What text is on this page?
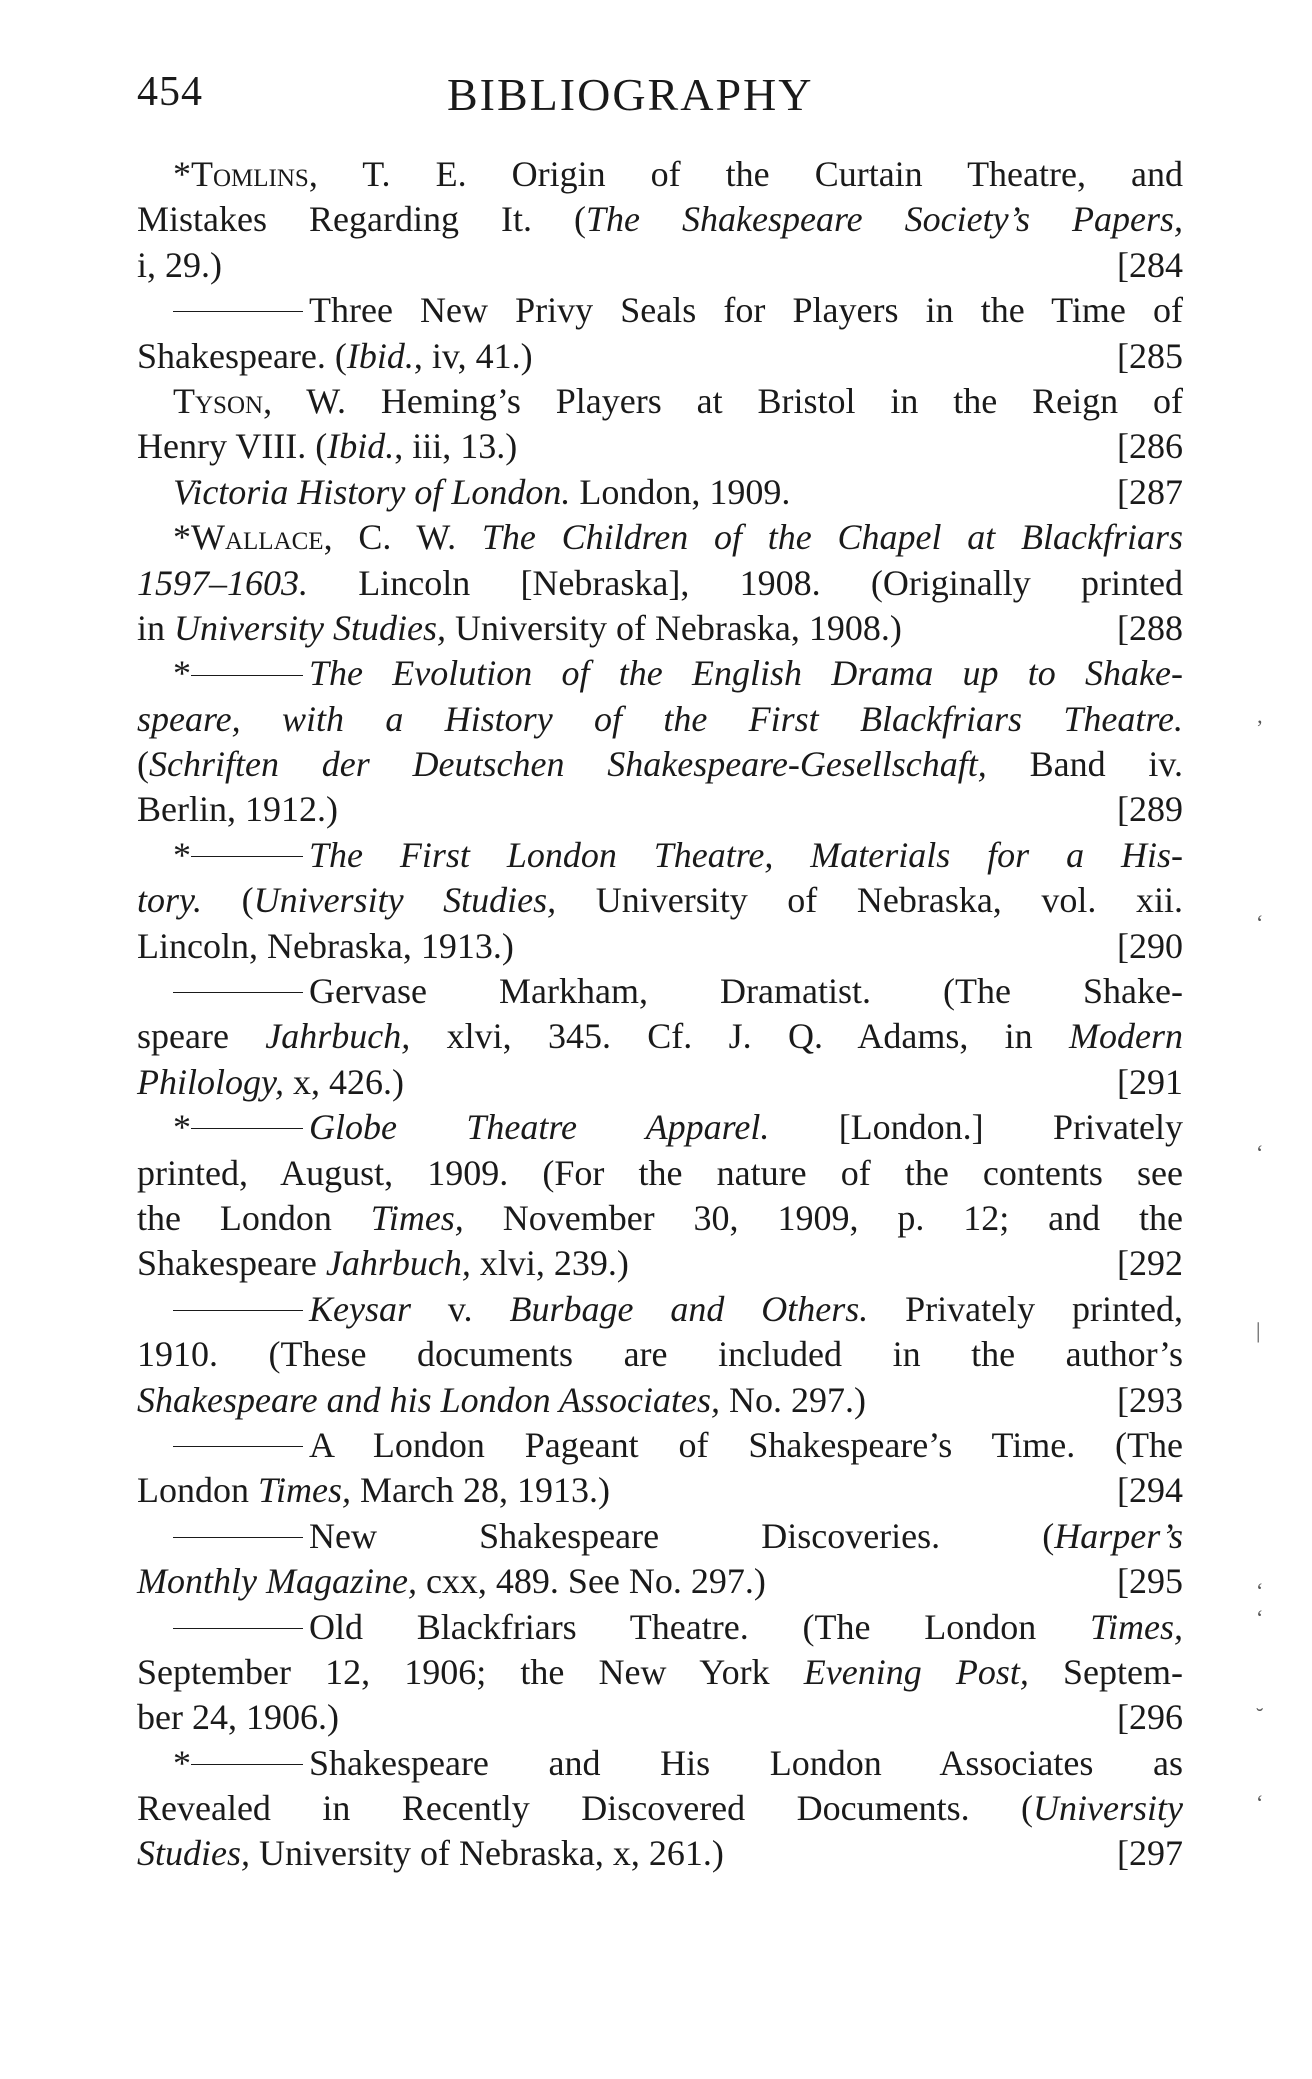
454	BIBLIOGRAPHY
*Tomlins, T. E. Origin of the Curtain Theatre, and
Mistakes Regarding It. (The Shakespeare Society’s Papers,
i, 29.)	[284
Three New Privy Seals for Players in the Time of
Shakespeare. (Ibid., iv, 41.)	[285
Tyson, W. Heming’s Players at Bristol in the Reign of
Henry VIII. (Ibid., iii, 13.)	[286
Victoria History of London. London, 1909.	[287
*Wallace, C. W. The Children of the Chapel at Blackfriars
1597–1603. Lincoln [Nebraska], 1908. (Originally printed
in University Studies, University of Nebraska, 1908.)	[288
*	The Evolution of the English Drama up to Shake-
speare, with a History of the First Blackfriars Theatre.
(Schriften der Deutschen Shakespeare-Gesellschaft, Band iv.
Berlin, 1912.)	[289
*	The First London Theatre, Materials for a His-
tory. (University Studies, University of Nebraska, vol. xii.
Lincoln, Nebraska, 1913.)	[290
Gervase Markham, Dramatist. (The Shake-
speare Jahrbuch, xlvi, 345. Cf. J. Q. Adams, in Modern
Philology, x, 426.)	[291
*	Globe Theatre Apparel. [London.] Privately
printed, August, 1909. (For the nature of the contents see
the London Times, November 30, 1909, p. 12; and the
Shakespeare Jahrbuch, xlvi, 239.)	[292
Keysar v. Burbage and Others. Privately printed,
1910. (These documents are included in the author’s
Shakespeare and his London Associates, No. 297.)	[293
A London Pageant of Shakespeare’s Time. (The
London Times, March 28, 1913.)	[294
New Shakespeare Discoveries. (Harper’s
Monthly Magazine, cxx, 489. See No. 297.)	[295
Old Blackfriars Theatre. (The London Times,
September 12, 1906; the New York Evening Post, Septem-
ber 24, 1906.)	[296
*	Shakespeare and His London Associates as
Revealed in Recently Discovered Documents. (University
Studies, University of Nebraska, x, 261.)	[297
’
‘
‘
|
‘
‘
˘
‘
